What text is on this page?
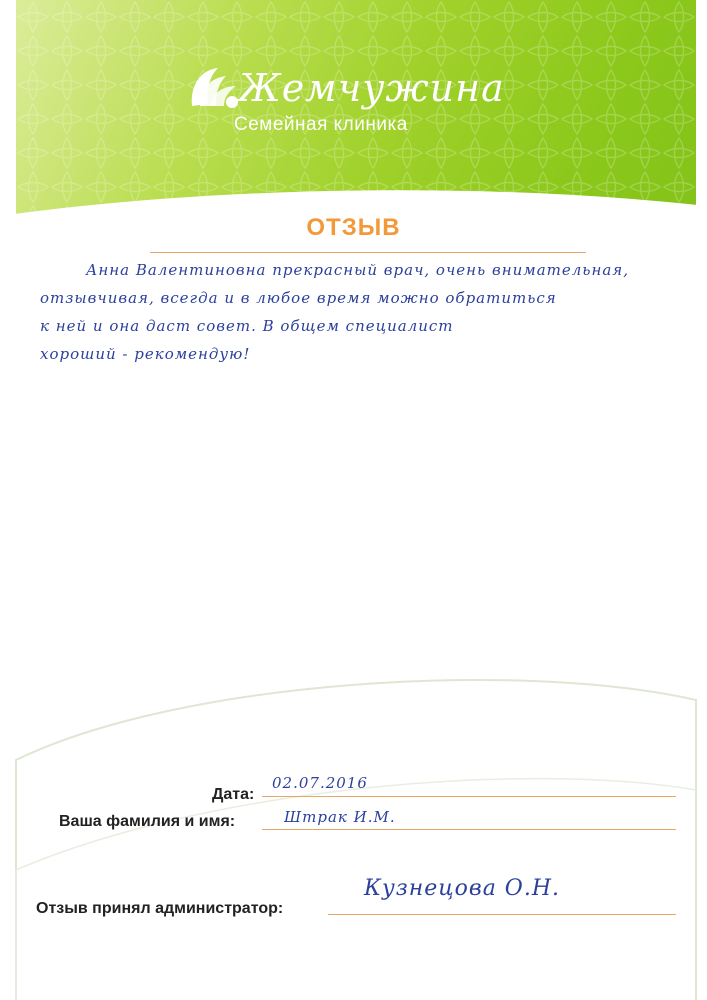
Жемчужина
Семейная клиника
ОТЗЫВ
Анна Валентиновна прекрасный врач, очень внимательная,
отзывчивая, всегда и в любое время можно обратиться
к ней и она даст совет. В общем специалист
хороший - рекомендую!
Дата:
02.07.2016
Ваша фамилия и имя:	Штрак И.М.
Отзыв принял администратор:
Кузнецова О.Н.
